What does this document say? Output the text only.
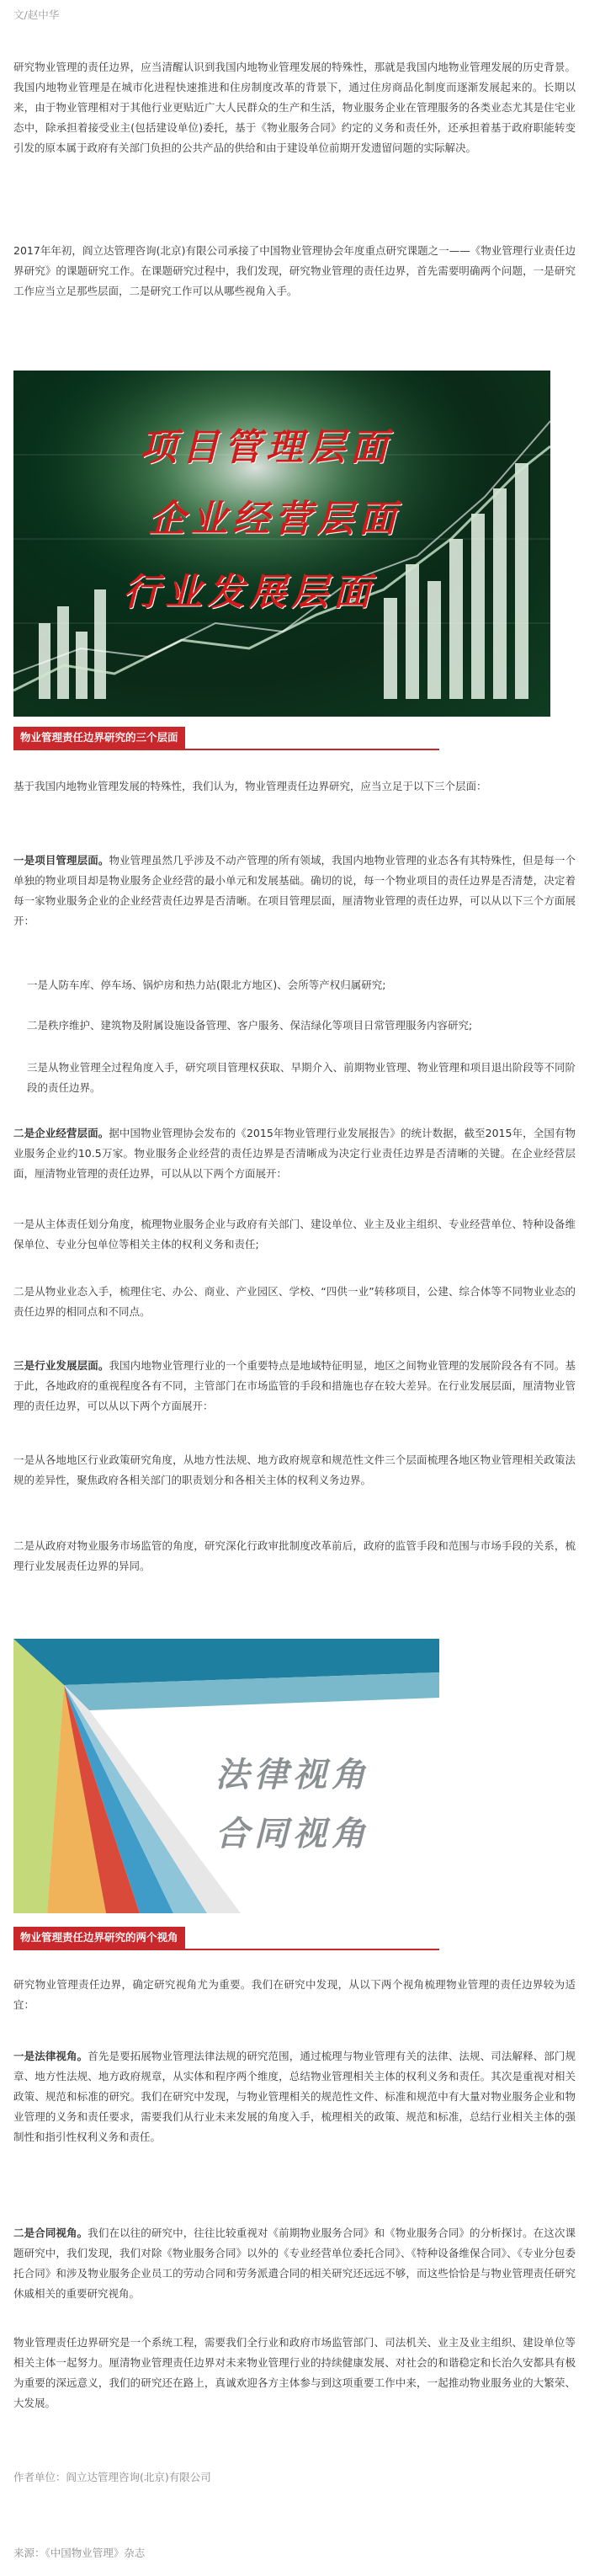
文/赵中华

研究物业管理的责任边界，应当清醒认识到我国内地物业管理发展的特殊性，那就是我国内地物业管理发展的历史背景。我国内地物业管理是在城市化进程快速推进和住房制度改革的背景下，通过住房商品化制度而逐渐发展起来的。长期以来，由于物业管理相对于其他行业更贴近广大人民群众的生产和生活，物业服务企业在管理服务的各类业态尤其是住宅业态中，除承担着接受业主(包括建设单位)委托，基于《物业服务合同》约定的义务和责任外，还承担着基于政府职能转变引发的原本属于政府有关部门负担的公共产品的供给和由于建设单位前期开发遗留问题的实际解决。

2017年年初，阎立达管理咨询(北京)有限公司承接了中国物业管理协会年度重点研究课题之一——《物业管理行业责任边界研究》的课题研究工作。在课题研究过程中，我们发现，研究物业管理的责任边界，首先需要明确两个问题，一是研究工作应当立足那些层面，二是研究工作可以从哪些视角入手。

项目管理层面
企业经营层面
行业发展层面
物业管理责任边界研究的三个层面

基于我国内地物业管理发展的特殊性，我们认为，物业管理责任边界研究，应当立足于以下三个层面：

一是项目管理层面。物业管理虽然几乎涉及不动产管理的所有领域，我国内地物业管理的业态各有其特殊性，但是每一个单独的物业项目却是物业服务企业经营的最小单元和发展基础。确切的说，每一个物业项目的责任边界是否清楚，决定着每一家物业服务企业的企业经营责任边界是否清晰。在项目管理层面，厘清物业管理的责任边界，可以从以下三个方面展开：

一是人防车库、停车场、锅炉房和热力站(限北方地区)、会所等产权归属研究;

二是秩序维护、建筑物及附属设施设备管理、客户服务、保洁绿化等项目日常管理服务内容研究;

三是从物业管理全过程角度入手，研究项目管理权获取、早期介入、前期物业管理、物业管理和项目退出阶段等不同阶段的责任边界。

二是企业经营层面。据中国物业管理协会发布的《2015年物业管理行业发展报告》的统计数据，截至2015年，全国有物业服务企业约10.5万家。物业服务企业经营的责任边界是否清晰成为决定行业责任边界是否清晰的关键。在企业经营层面，厘清物业管理的责任边界，可以从以下两个方面展开：

一是从主体责任划分角度，梳理物业服务企业与政府有关部门、建设单位、业主及业主组织、专业经营单位、特种设备维保单位、专业分包单位等相关主体的权利义务和责任;

二是从物业业态入手，梳理住宅、办公、商业、产业园区、学校、“四供一业”转移项目，公建、综合体等不同物业业态的责任边界的相同点和不同点。

三是行业发展层面。我国内地物业管理行业的一个重要特点是地域特征明显，地区之间物业管理的发展阶段各有不同。基于此，各地政府的重视程度各有不同，主管部门在市场监管的手段和措施也存在较大差异。在行业发展层面，厘清物业管理的责任边界，可以从以下两个方面展开：

一是从各地地区行业政策研究角度，从地方性法规、地方政府规章和规范性文件三个层面梳理各地区物业管理相关政策法规的差异性，聚焦政府各相关部门的职责划分和各相关主体的权利义务边界。

二是从政府对物业服务市场监管的角度，研究深化行政审批制度改革前后，政府的监管手段和范围与市场手段的关系，梳理行业发展责任边界的异同。

法律视角
合同视角
物业管理责任边界研究的两个视角

研究物业管理责任边界，确定研究视角尤为重要。我们在研究中发现，从以下两个视角梳理物业管理的责任边界较为适宜：

一是法律视角。首先是要拓展物业管理法律法规的研究范围，通过梳理与物业管理有关的法律、法规、司法解释、部门规章、地方性法规、地方政府规章，从实体和程序两个维度，总结物业管理相关主体的权利义务和责任。其次是重视对相关政策、规范和标准的研究。我们在研究中发现，与物业管理相关的规范性文件、标准和规范中有大量对物业服务企业和物业管理的义务和责任要求，需要我们从行业未来发展的角度入手，梳理相关的政策、规范和标准，总结行业相关主体的强制性和指引性权利义务和责任。

二是合同视角。我们在以往的研究中，往往比较重视对《前期物业服务合同》和《物业服务合同》的分析探讨。在这次课题研究中，我们发现，我们对除《物业服务合同》以外的《专业经营单位委托合同》、《特种设备维保合同》、《专业分包委托合同》和涉及物业服务企业员工的劳动合同和劳务派遣合同的相关研究还远远不够，而这些恰恰是与物业管理责任研究休戚相关的重要研究视角。

物业管理责任边界研究是一个系统工程，需要我们全行业和政府市场监管部门、司法机关、业主及业主组织、建设单位等相关主体一起努力。厘清物业管理责任边界对未来物业管理行业的持续健康发展、对社会的和谐稳定和长治久安都具有极为重要的深远意义，我们的研究还在路上，真诚欢迎各方主体参与到这项重要工作中来，一起推动物业服务业的大繁荣、大发展。

作者单位：阎立达管理咨询(北京)有限公司
来源：《中国物业管理》杂志
